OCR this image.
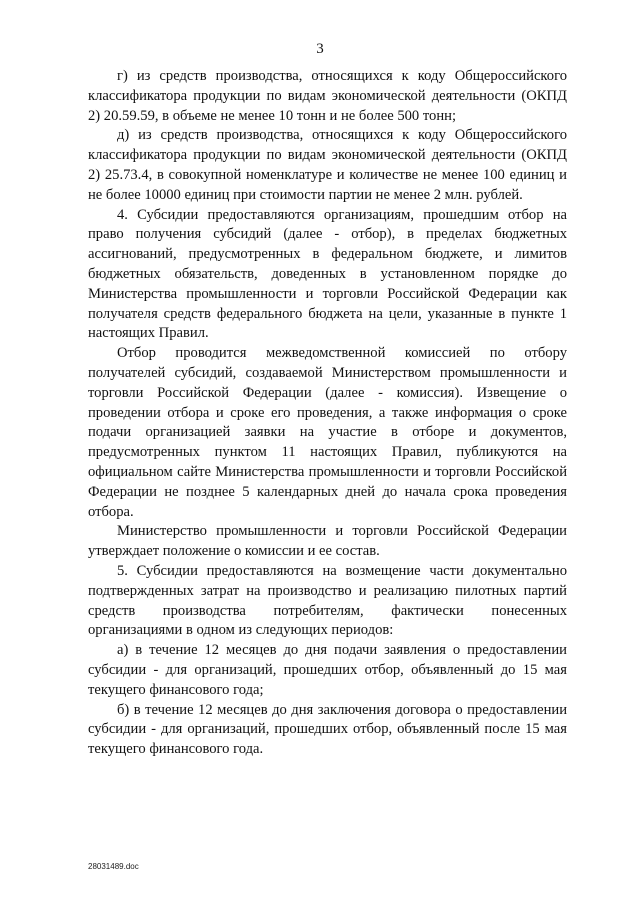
3

г) из средств производства, относящихся к коду Общероссийского классификатора продукции по видам экономической деятельности (ОКПД 2) 20.59.59, в объеме не менее 10 тонн и не более 500 тонн;

д) из средств производства, относящихся к коду Общероссийского классификатора продукции по видам экономической деятельности (ОКПД 2) 25.73.4, в совокупной номенклатуре и количестве не менее 100 единиц и не более 10000 единиц при стоимости партии не менее 2 млн. рублей.

4. Субсидии предоставляются организациям, прошедшим отбор на право получения субсидий (далее - отбор), в пределах бюджетных ассигнований, предусмотренных в федеральном бюджете, и лимитов бюджетных обязательств, доведенных в установленном порядке до Министерства промышленности и торговли Российской Федерации как получателя средств федерального бюджета на цели, указанные в пункте 1 настоящих Правил.

Отбор проводится межведомственной комиссией по отбору получателей субсидий, создаваемой Министерством промышленности и торговли Российской Федерации (далее - комиссия). Извещение о проведении отбора и сроке его проведения, а также информация о сроке подачи организацией заявки на участие в отборе и документов, предусмотренных пунктом 11 настоящих Правил, публикуются на официальном сайте Министерства промышленности и торговли Российской Федерации не позднее 5 календарных дней до начала срока проведения отбора.

Министерство промышленности и торговли Российской Федерации утверждает положение о комиссии и ее состав.

5. Субсидии предоставляются на возмещение части документально подтвержденных затрат на производство и реализацию пилотных партий средств производства потребителям, фактически понесенных организациями в одном из следующих периодов:

а) в течение 12 месяцев до дня подачи заявления о предоставлении субсидии - для организаций, прошедших отбор, объявленный до 15 мая текущего финансового года;

б) в течение 12 месяцев до дня заключения договора о предоставлении субсидии - для организаций, прошедших отбор, объявленный после 15 мая текущего финансового года.

28031489.doc
